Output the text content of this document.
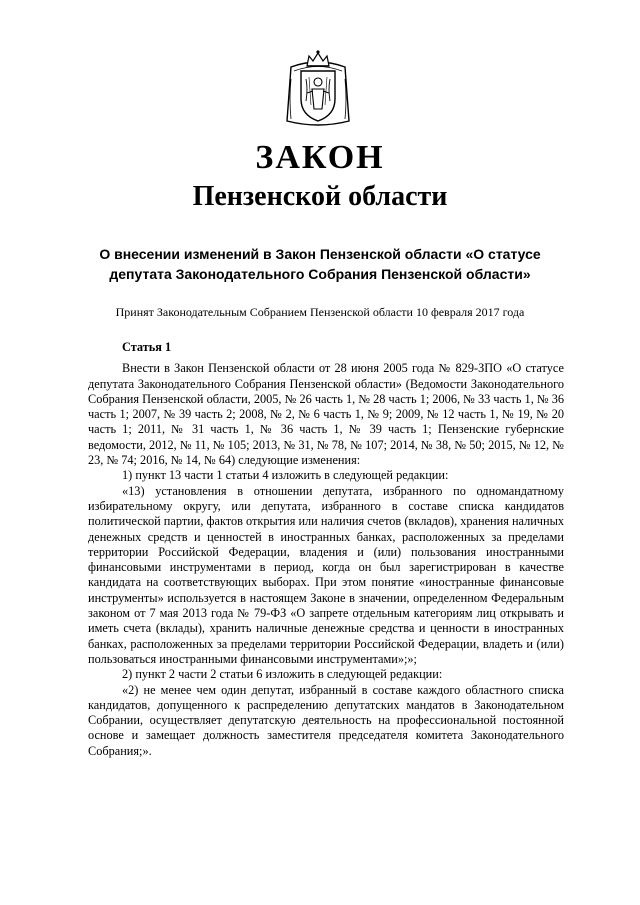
ЗАКОН
Пензенской области

О внесении изменений в Закон Пензенской области «О статусе депутата Законодательного Собрания Пензенской области»

Принят Законодательным Собранием Пензенской области 10 февраля 2017 года

Статья 1

Внести в Закон Пензенской области от 28 июня 2005 года № 829-ЗПО «О статусе депутата Законодательного Собрания Пензенской области» (Ведомости Законодательного Собрания Пензенской области, 2005, № 26 часть 1, № 28 часть 1; 2006, № 33 часть 1, № 36 часть 1; 2007, № 39 часть 2; 2008, № 2, № 6 часть 1, № 9; 2009, № 12 часть 1, № 19, № 20 часть 1; 2011, № 31 часть 1, № 36 часть 1, № 39 часть 1; Пензенские губернские ведомости, 2012, № 11, № 105; 2013, № 31, № 78, № 107; 2014, № 38, № 50; 2015, № 12, № 23, № 74; 2016, № 14, № 64) следующие изменения:

1) пункт 13 части 1 статьи 4 изложить в следующей редакции:

«13) установления в отношении депутата, избранного по одномандатному избирательному округу, или депутата, избранного в составе списка кандидатов политической партии, фактов открытия или наличия счетов (вкладов), хранения наличных денежных средств и ценностей в иностранных банках, расположенных за пределами территории Российской Федерации, владения и (или) пользования иностранными финансовыми инструментами в период, когда он был зарегистрирован в качестве кандидата на соответствующих выборах. При этом понятие «иностранные финансовые инструменты» используется в настоящем Законе в значении, определенном Федеральным законом от 7 мая 2013 года № 79-ФЗ «О запрете отдельным категориям лиц открывать и иметь счета (вклады), хранить наличные денежные средства и ценности в иностранных банках, расположенных за пределами территории Российской Федерации, владеть и (или) пользоваться иностранными финансовыми инструментами»;»;

2) пункт 2 части 2 статьи 6 изложить в следующей редакции:

«2) не менее чем один депутат, избранный в составе каждого областного списка кандидатов, допущенного к распределению депутатских мандатов в Законодательном Собрании, осуществляет депутатскую деятельность на профессиональной постоянной основе и замещает должность заместителя председателя комитета Законодательного Собрания;».
